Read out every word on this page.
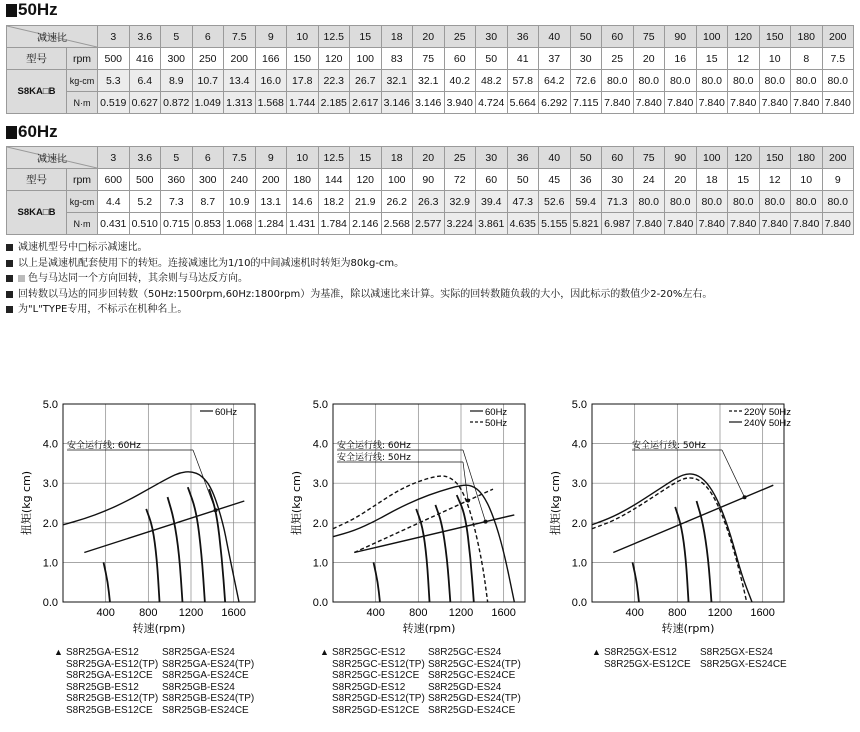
50Hz
减速比		3	3.6	5	6	7.5	9	10	12.5	15	18	20	25	30	36	40	50	60	75	90	100	120	150	180	200
型号	rpm	500	416	300	250	200	166	150	120	100	83	75	60	50	41	37	30	25	20	16	15	12	10	8	7.5
S8KA□B	kg-cm	5.3	6.4	8.9	10.7	13.4	16.0	17.8	22.3	26.7	32.1	32.1	40.2	48.2	57.8	64.2	72.6	80.0	80.0	80.0	80.0	80.0	80.0	80.0	80.0
	N·m	0.519	0.627	0.872	1.049	1.313	1.568	1.744	2.185	2.617	3.146	3.146	3.940	4.724	5.664	6.292	7.115	7.840	7.840	7.840	7.840	7.840	7.840	7.840	7.840
60Hz
减速比		3	3.6	5	6	7.5	9	10	12.5	15	18	20	25	30	36	40	50	60	75	90	100	120	150	180	200
型号	rpm	600	500	360	300	240	200	180	144	120	100	90	72	60	50	45	36	30	24	20	18	15	12	10	9
S8KA□B	kg-cm	4.4	5.2	7.3	8.7	10.9	13.1	14.6	18.2	21.9	26.2	26.3	32.9	39.4	47.3	52.6	59.4	71.3	80.0	80.0	80.0	80.0	80.0	80.0	80.0
	N·m	0.431	0.510	0.715	0.853	1.068	1.284	1.431	1.784	2.146	2.568	2.577	3.224	3.861	4.635	5.155	5.821	6.987	7.840	7.840	7.840	7.840	7.840	7.840	7.840
减速机型号中□标示减速比。
以上是减速机配套使用下的转矩。连接减速比为1/10的中间减速机时转矩为80kg-cm。
色与马达同一个方向回转，其余则与马达反方向。
回转数以马达的同步回转数（50Hz:1500rpm,60Hz:1800rpm）为基准，除以减速比来计算。实际的回转数随负载的大小，因此标示的数值少2-20%左右。
为"L"TYPE专用，不标示在机种名上。
400 800 1200 1600
0.0
1.0
2.0
3.0
4.0
5.0
转速(rpm)
扭矩(kg cm)
60Hz
安全运行线: 60Hz
400 800 1200 1600
0.0
1.0
2.0
3.0
4.0
5.0
转速(rpm)
扭矩(kg cm)
60Hz
50Hz
安全运行线: 60Hz
安全运行线: 50Hz
400 800 1200 1600
0.0
1.0
2.0
3.0
4.0
5.0
转速(rpm)
扭矩(kg cm)
220V 50Hz
240V 50Hz
安全运行线: 50Hz
▲ S8R25GA-ES12	S8R25GA-ES24
S8R25GA-ES12(TP) S8R25GA-ES24(TP)
S8R25GA-ES12CE S8R25GA-ES24CE
S8R25GB-ES12	S8R25GB-ES24
S8R25GB-ES12(TP) S8R25GB-ES24(TP)
S8R25GB-ES12CE S8R25GB-ES24CE
▲ S8R25GC-ES12	S8R25GC-ES24
S8R25GC-ES12(TP) S8R25GC-ES24(TP)
S8R25GC-ES12CE S8R25GC-ES24CE
S8R25GD-ES12	S8R25GD-ES24
S8R25GD-ES12(TP) S8R25GD-ES24(TP)
S8R25GD-ES12CE S8R25GD-ES24CE
▲ S8R25GX-ES12	S8R25GX-ES24
S8R25GX-ES12CE S8R25GX-ES24CE
